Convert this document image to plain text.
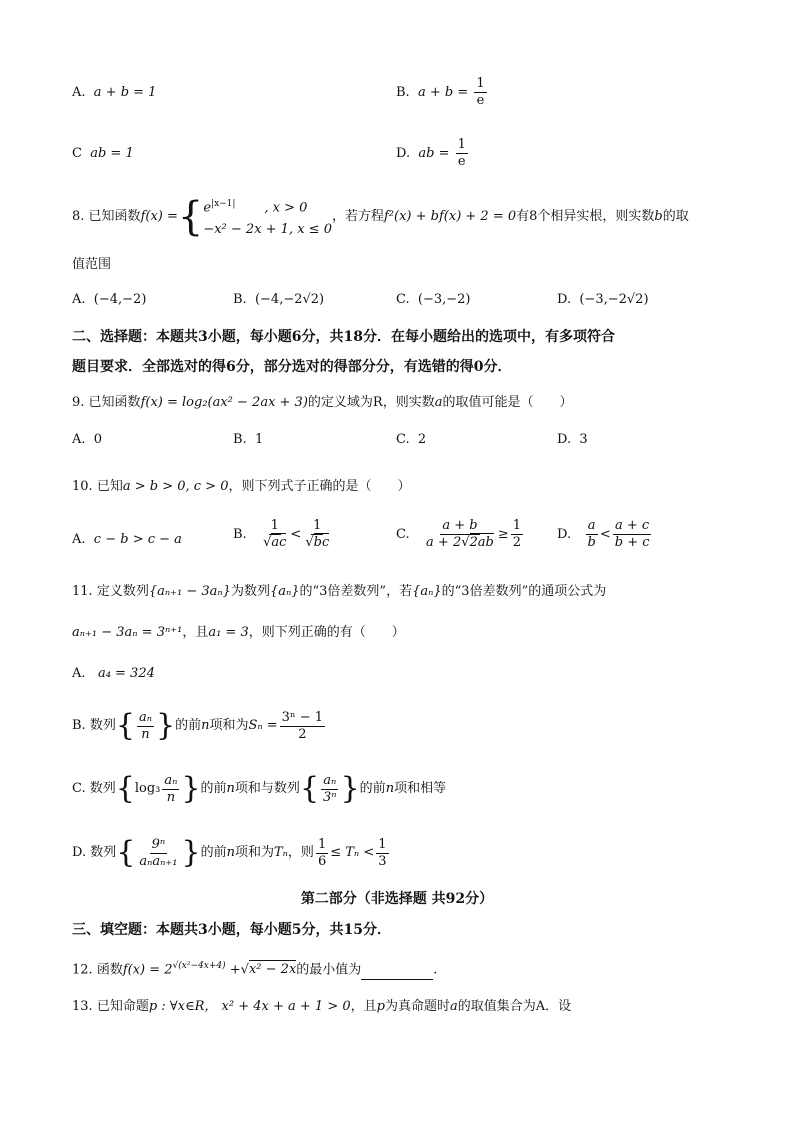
A. a + b = 1	B. $a + b = \frac{1}{e}$
C ab = 1	D. ab = $\frac{1}{e}$
8.
已知函数 f(x) = { $e^{|x-1|}$ , x > 0
−x² − 2x + 1, x ≤ 0
，若方程 f²(x) + bf(x) + 2 = 0 有8个相异实根，则实数 b 的取
值范围
A. (−4,−2)	B. (−4,−2√2)	C. (−3,−2)	D. (−3,−2√2)
二、选择题：本题共3小题，每小题6分，共18分．在每小题给出的选项中，有多项符合
题目要求．全部选对的得6分，部分选对的得部分分，有选错的得0分．
9. 已知函数f(x) = log₂(ax² − 2ax + 3)的定义域为R，则实数a的取值可能是（　　）
A. 0	B. 1	C. 2	D. 3
10. 已知a > b > 0, c > 0，则下列式子正确的是（　　）
A. c − b > c − a	B. $\frac{1}{√ac} < \frac{1}{√bc}$	C. $\frac{a + b}{a + 2√2ab} \ge \frac{1}{2}$	D. $\frac{a}{b} < \frac{a + c}{b + c}$
11. 定义数列{aₙ₊₁ − 3aₙ}为数列{aₙ}的“3倍差数列”，若{aₙ}的“3倍差数列”的通项公式为
aₙ₊₁ − 3aₙ = 3ⁿ⁺¹，且a₁ = 3，则下列正确的有（　　）
A. a₄ = 324
B.
数列 { $\frac{\text{aₙ}}{n}$ } 的前 n 项和为 $S_n = \frac{\text{3ⁿ − 1}}{2}$
C.
数列 { $\log_3 \frac{\text{aₙ}}{n}$ } 的前 n 项和与数列 { $\frac{\text{aₙ}}{\text{3ⁿ}}$ } 的前 n 项和相等
D.
数列 { $\frac{\text{9ⁿ}}{\text{aₙaₙ₊₁}}$ } 的前 n 项和为 Tₙ ，则 $\frac{1}{6} \le T_n < \frac{1}{3}$
第二部分（非选择题 共92分）
三、填空题：本题共3小题，每小题5分，共15分．
12. 函数$f(x) = 2^{√(x^2-4x+4)} +√x^2 - 2x$的最小值为	.
13. 已知命题p : ∀x∈R， x² + 4x + a + 1 > 0，且p为真命题时a的取值集合为A．设
